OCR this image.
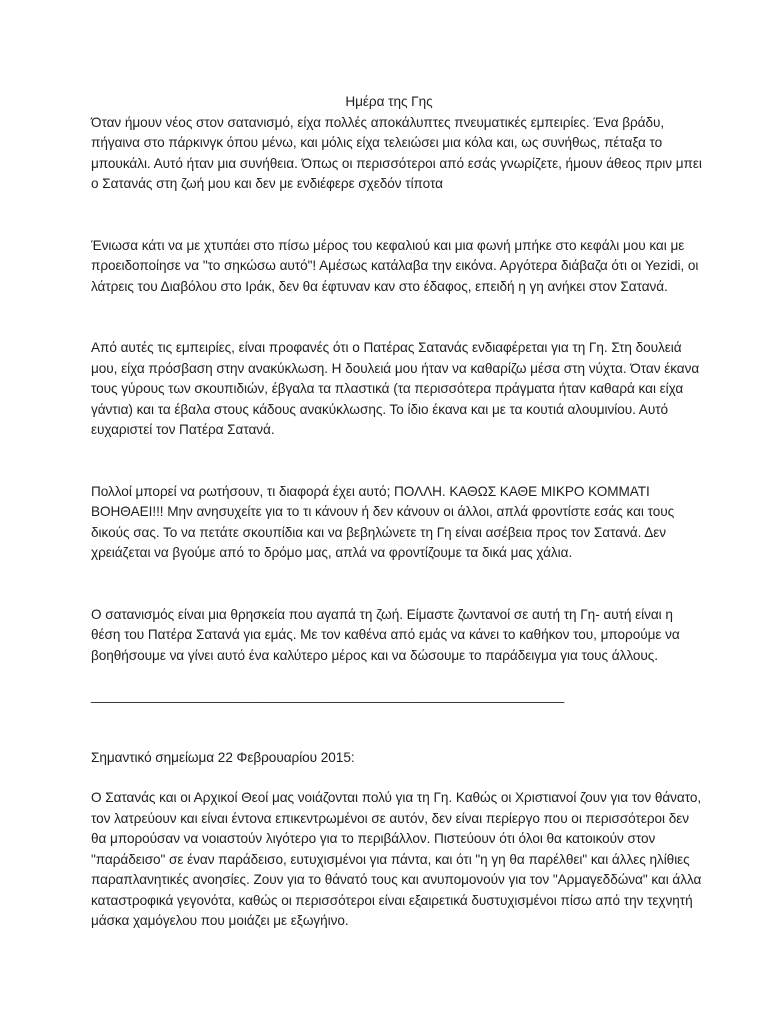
Ημέρα της Γης

Όταν ήμουν νέος στον σατανισμό, είχα πολλές αποκάλυπτες πνευματικές εμπειρίες. Ένα βράδυ,
πήγαινα στο πάρκινγκ όπου μένω, και μόλις είχα τελειώσει μια κόλα και, ως συνήθως, πέταξα το
μπουκάλι. Αυτό ήταν μια συνήθεια. Όπως οι περισσότεροι από εσάς γνωρίζετε, ήμουν άθεος πριν μπει
ο Σατανάς στη ζωή μου και δεν με ενδιέφερε σχεδόν τίποτα

Ένιωσα κάτι να με χτυπάει στο πίσω μέρος του κεφαλιού και μια φωνή μπήκε στο κεφάλι μου και με
προειδοποίησε να "το σηκώσω αυτό"! Αμέσως κατάλαβα την εικόνα. Αργότερα διάβαζα ότι οι Yezidi, οι
λάτρεις του Διαβόλου στο Ιράκ, δεν θα έφτυναν καν στο έδαφος, επειδή η γη ανήκει στον Σατανά.

Από αυτές τις εμπειρίες, είναι προφανές ότι ο Πατέρας Σατανάς ενδιαφέρεται για τη Γη. Στη δουλειά
μου, είχα πρόσβαση στην ανακύκλωση. Η δουλειά μου ήταν να καθαρίζω μέσα στη νύχτα. Όταν έκανα
τους γύρους των σκουπιδιών, έβγαλα τα πλαστικά (τα περισσότερα πράγματα ήταν καθαρά και είχα
γάντια) και τα έβαλα στους κάδους ανακύκλωσης. Το ίδιο έκανα και με τα κουτιά αλουμινίου. Αυτό
ευχαριστεί τον Πατέρα Σατανά.

Πολλοί μπορεί να ρωτήσουν, τι διαφορά έχει αυτό; ΠΟΛΛΗ. ΚΑΘΩΣ ΚΑΘΕ ΜΙΚΡΟ ΚΟΜΜΑΤΙ
ΒΟΗΘΑΕΙ!!! Μην ανησυχείτε για το τι κάνουν ή δεν κάνουν οι άλλοι, απλά φροντίστε εσάς και τους
δικούς σας. Το να πετάτε σκουπίδια και να βεβηλώνετε τη Γη είναι ασέβεια προς τον Σατανά. Δεν
χρειάζεται να βγούμε από το δρόμο μας, απλά να φροντίζουμε τα δικά μας χάλια.

Ο σατανισμός είναι μια θρησκεία που αγαπά τη ζωή. Είμαστε ζωντανοί σε αυτή τη Γη- αυτή είναι η
θέση του Πατέρα Σατανά για εμάς. Με τον καθένα από εμάς να κάνει το καθήκον του, μπορούμε να
βοηθήσουμε να γίνει αυτό ένα καλύτερο μέρος και να δώσουμε το παράδειγμα για τους άλλους.

_______________________________________________________________

Σημαντικό σημείωμα 22 Φεβρουαρίου 2015:

Ο Σατανάς και οι Αρχικοί Θεοί μας νοιάζονται πολύ για τη Γη. Καθώς οι Χριστιανοί ζουν για τον θάνατο,
τον λατρεύουν και είναι έντονα επικεντρωμένοι σε αυτόν, δεν είναι περίεργο που οι περισσότεροι δεν
θα μπορούσαν να νοιαστούν λιγότερο για το περιβάλλον. Πιστεύουν ότι όλοι θα κατοικούν στον
"παράδεισο" σε έναν παράδεισο, ευτυχισμένοι για πάντα, και ότι "η γη θα παρέλθει" και άλλες ηλίθιες
παραπλανητικές ανοησίες. Ζουν για το θάνατό τους και ανυπομονούν για τον "Αρμαγεδδώνα" και άλλα
καταστροφικά γεγονότα, καθώς οι περισσότεροι είναι εξαιρετικά δυστυχισμένοι πίσω από την τεχνητή
μάσκα χαμόγελου που μοιάζει με εξωγήινο.
